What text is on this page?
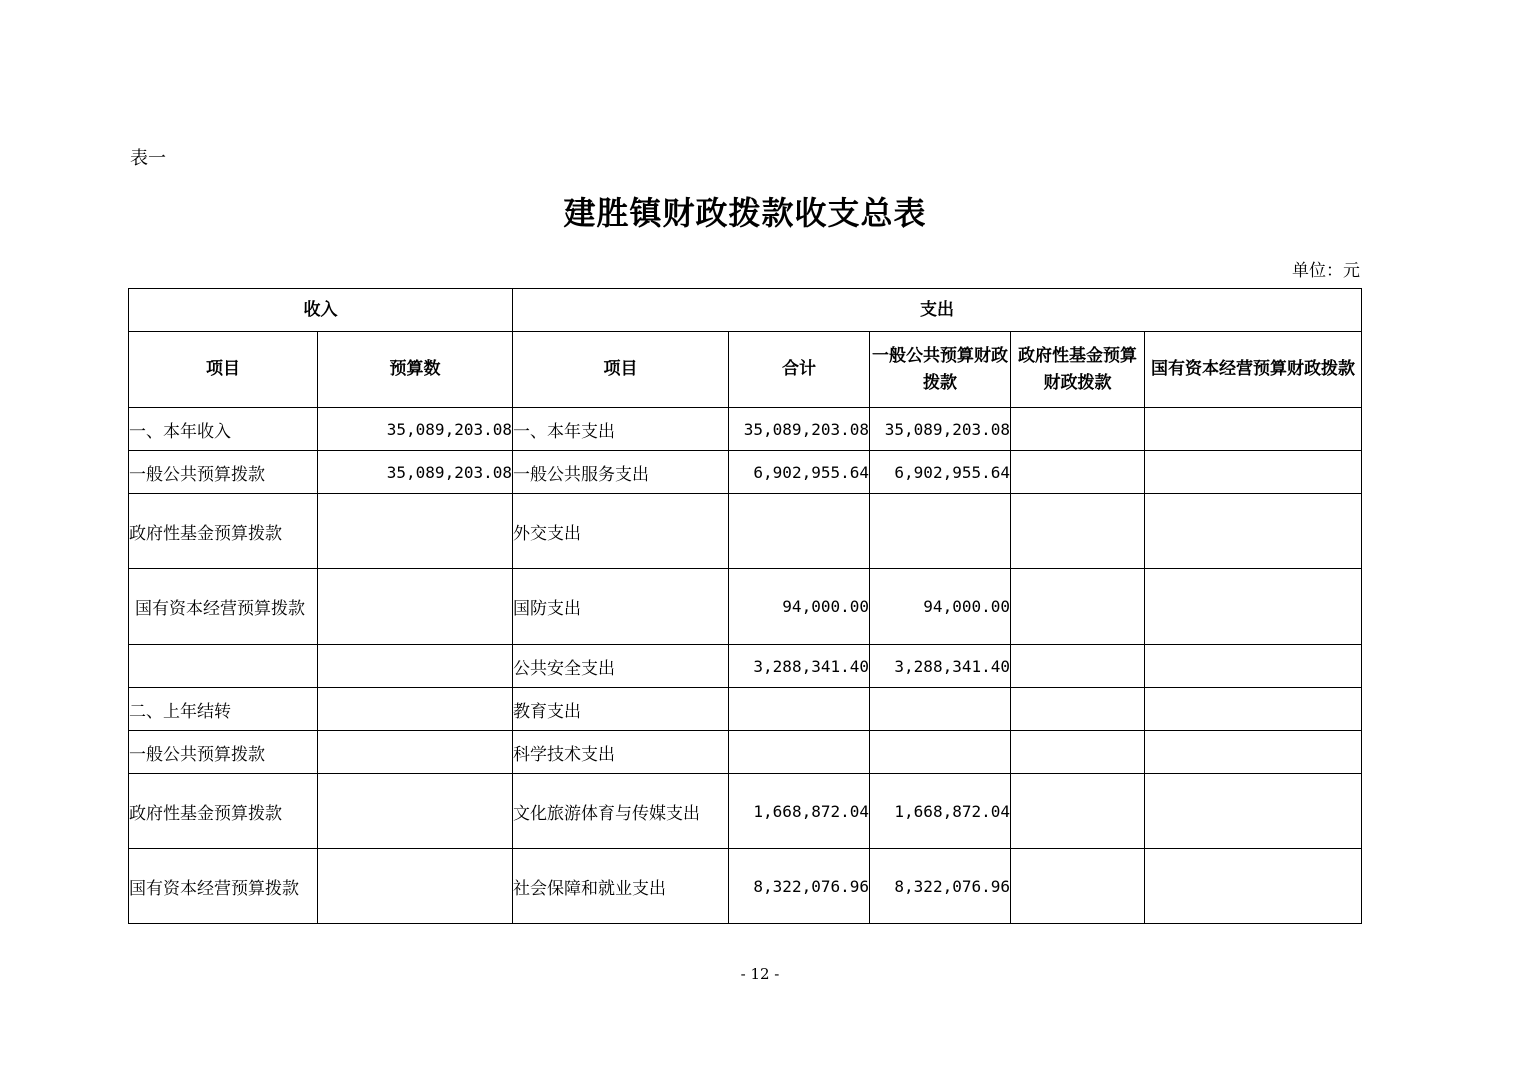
表一
建胜镇财政拨款收支总表
单位：元
收入		支出				
项目	预算数	项目	合计	一般公共预算财政拨款	政府性基金预算财政拨款	国有资本经营预算财政拨款
一、本年收入	35,089,203.08	一、本年支出	35,089,203.08	35,089,203.08		
一般公共预算拨款	35,089,203.08	一般公共服务支出	6,902,955.64	6,902,955.64		
政府性基金预算拨款		外交支出				
国有资本经营预算拨款		国防支出	94,000.00	94,000.00		
		公共安全支出	3,288,341.40	3,288,341.40		
二、上年结转		教育支出				
一般公共预算拨款		科学技术支出				
政府性基金预算拨款		文化旅游体育与传媒支出	1,668,872.04	1,668,872.04		
国有资本经营预算拨款		社会保障和就业支出	8,322,076.96	8,322,076.96		
- 12 -
